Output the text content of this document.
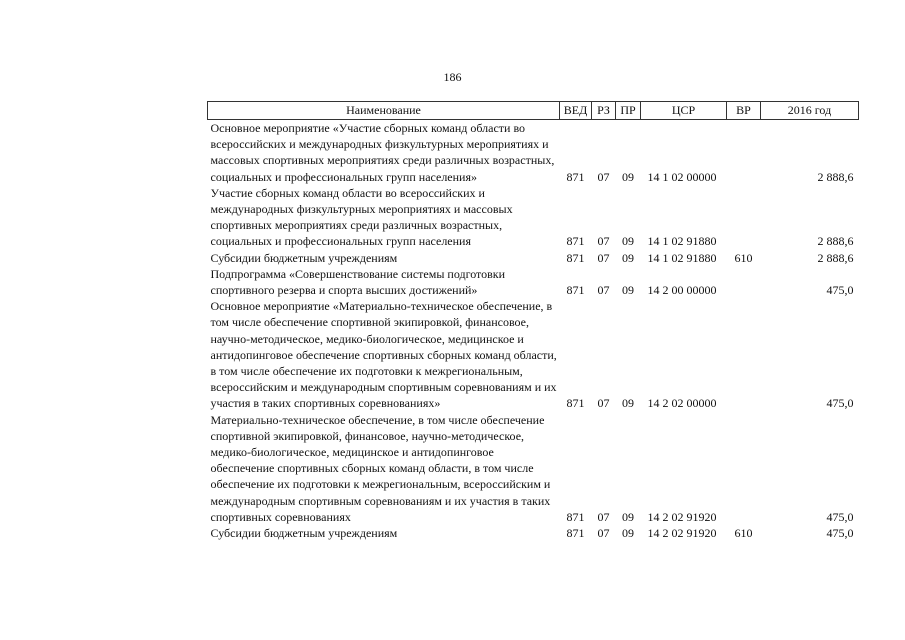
186
Наименование	ВЕД	РЗ	ПР	ЦСР	ВР	2016 год
Основное мероприятие «Участие сборных команд области во всероссийских и международных физкультурных мероприятиях и массовых спортивных мероприятиях среди различных возрастных, социальных и профессиональных групп населения»	871	07	09	14 1 02 00000		2 888,6
Участие сборных команд области во всероссийских и международных физкультурных мероприятиях и массовых спортивных мероприятиях среди различных возрастных, социальных и профессиональных групп населения	871	07	09	14 1 02 91880		2 888,6
Субсидии бюджетным учреждениям	871	07	09	14 1 02 91880	610	2 888,6
Подпрограмма «Совершенствование системы подготовки спортивного резерва и спорта высших достижений»	871	07	09	14 2 00 00000		475,0
Основное мероприятие «Материально-техническое обеспечение, в том числе обеспечение спортивной экипировкой, финансовое, научно-методическое, медико-биологическое, медицинское и антидопинговое обеспечение спортивных сборных команд области, в том числе обеспечение их подготовки к межрегиональным, всероссийским и международным спортивным соревнованиям и их участия в таких спортивных соревнованиях»	871	07	09	14 2 02 00000		475,0
Материально-техническое обеспечение, в том числе обеспечение спортивной экипировкой, финансовое, научно-методическое, медико-биологическое, медицинское и антидопинговое обеспечение спортивных сборных команд области, в том числе обеспечение их подготовки к межрегиональным, всероссийским и международным спортивным соревнованиям и их участия в таких спортивных соревнованиях	871	07	09	14 2 02 91920		475,0
Субсидии бюджетным учреждениям	871	07	09	14 2 02 91920	610	475,0
